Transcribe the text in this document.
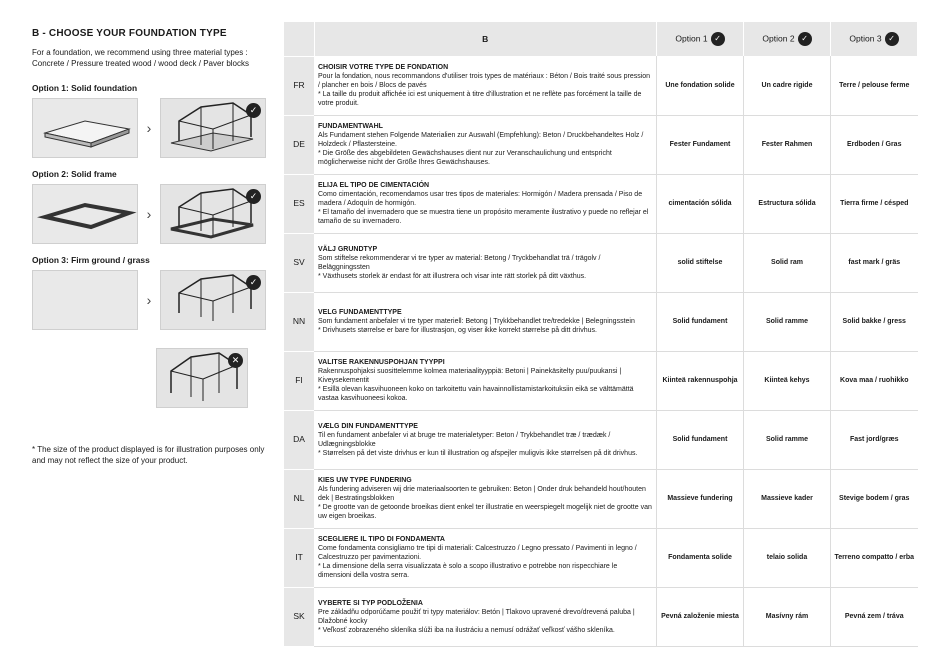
B - CHOOSE YOUR FOUNDATION TYPE
For a foundation, we recommend using three material types : Concrete / Pressure treated wood / wood deck / Paver blocks
Option 1: Solid foundation
›
✓
Option 2: Solid frame
›
✓
Option 3: Firm ground / grass
›
✓
✕
* The size of the product displayed is for illustration purposes only and may not reflect the size of your product.
	B	Option 1 ✓	Option 2 ✓	Option 3 ✓
FR	CHOISIR VOTRE TYPE DE FONDATION
Pour la fondation, nous recommandons d'utiliser trois types de matériaux : Béton / Bois traité sous pression / plancher en bois / Blocs de pavés
* La taille du produit affichée ici est uniquement à titre d'illustration et ne reflète pas forcément la taille de votre produit.	Une fondation solide	Un cadre rigide	Terre / pelouse ferme
DE	FUNDAMENTWAHL
Als Fundament stehen Folgende Materialien zur Auswahl (Empfehlung): Beton / Druckbehandeltes Holz / Holzdeck / Pflastersteine.
* Die Größe des abgebildeten Gewächshauses dient nur zur Veranschaulichung und entspricht möglicherweise nicht der Größe Ihres Gewächshauses.	Fester Fundament	Fester Rahmen	Erdboden / Gras
ES	ELIJA EL TIPO DE CIMENTACIÓN
Como cimentación, recomendamos usar tres tipos de materiales: Hormigón / Madera prensada / Piso de madera / Adoquín de hormigón.
* El tamaño del invernadero que se muestra tiene un propósito meramente ilustrativo y puede no reflejar el tamaño de su invernadero.	cimentación sólida	Estructura sólida	Tierra firme / césped
SV	VÄLJ GRUNDTYP
Som stiftelse rekommenderar vi tre typer av material: Betong / Tryckbehandlat trä / trägolv / Beläggningssten
* Växthusets storlek är endast för att illustrera och visar inte rätt storlek på ditt växthus.	solid stiftelse	Solid ram	fast mark / gräs
NN	VELG FUNDAMENTTYPE
Som fundament anbefaler vi tre typer materiell: Betong | Trykkbehandlet tre/tredekke | Belegningsstein
* Drivhusets størrelse er bare for illustrasjon, og viser ikke korrekt størrelse på ditt drivhus.	Solid fundament	Solid ramme	Solid bakke / gress
FI	VALITSE RAKENNUSPOHJAN TYYPPI
Rakennuspohjaksi suosittelemme kolmea materiaalityyppiä: Betoni | Painekäsitelty puu/puukansi | Kiveysekementit
* Esillä olevan kasvihuoneen koko on tarkoitettu vain havainnollistamistarkoituksiin eikä se välttämättä vastaa kasvihuoneesi kokoa.	Kiinteä rakennuspohja	Kiinteä kehys	Kova maa / ruohikko
DA	VÆLG DIN FUNDAMENTTYPE
Til en fundament anbefaler vi at bruge tre materialetyper: Beton / Trykbehandlet træ / trædæk / Udlægningsblokke
* Størrelsen på det viste drivhus er kun til illustration og afspejler muligvis ikke størrelsen på dit drivhus.	Solid fundament	Solid ramme	Fast jord/græs
NL	KIES UW TYPE FUNDERING
Als fundering adviseren wij drie materiaalsoorten te gebruiken: Beton | Onder druk behandeld hout/houten dek | Bestratingsblokken
* De grootte van de getoonde broeikas dient enkel ter illustratie en weerspiegelt mogelijk niet de grootte van uw eigen broeikas.	Massieve fundering	Massieve kader	Stevige bodem / gras
IT	SCEGLIERE IL TIPO DI FONDAMENTA
Come fondamenta consigliamo tre tipi di materiali: Calcestruzzo / Legno pressato / Pavimenti in legno / Calcestruzzo per pavimentazioni.
* La dimensione della serra visualizzata è solo a scopo illustrativo e potrebbe non rispecchiare le dimensioni della vostra serra.	Fondamenta solide	telaio solida	Terreno compatto / erba
SK	VYBERTE SI TYP PODLOŽENIA
Pre základňu odporúčame použiť tri typy materiálov: Betón | Tlakovo upravené drevo/drevená paluba | Dlažobné kocky
* Veľkosť zobrazeného skleníka slúži iba na ilustráciu a nemusí odrážať veľkosť vášho skleníka.	Pevná založenie miesta	Masívny rám	Pevná zem / tráva
